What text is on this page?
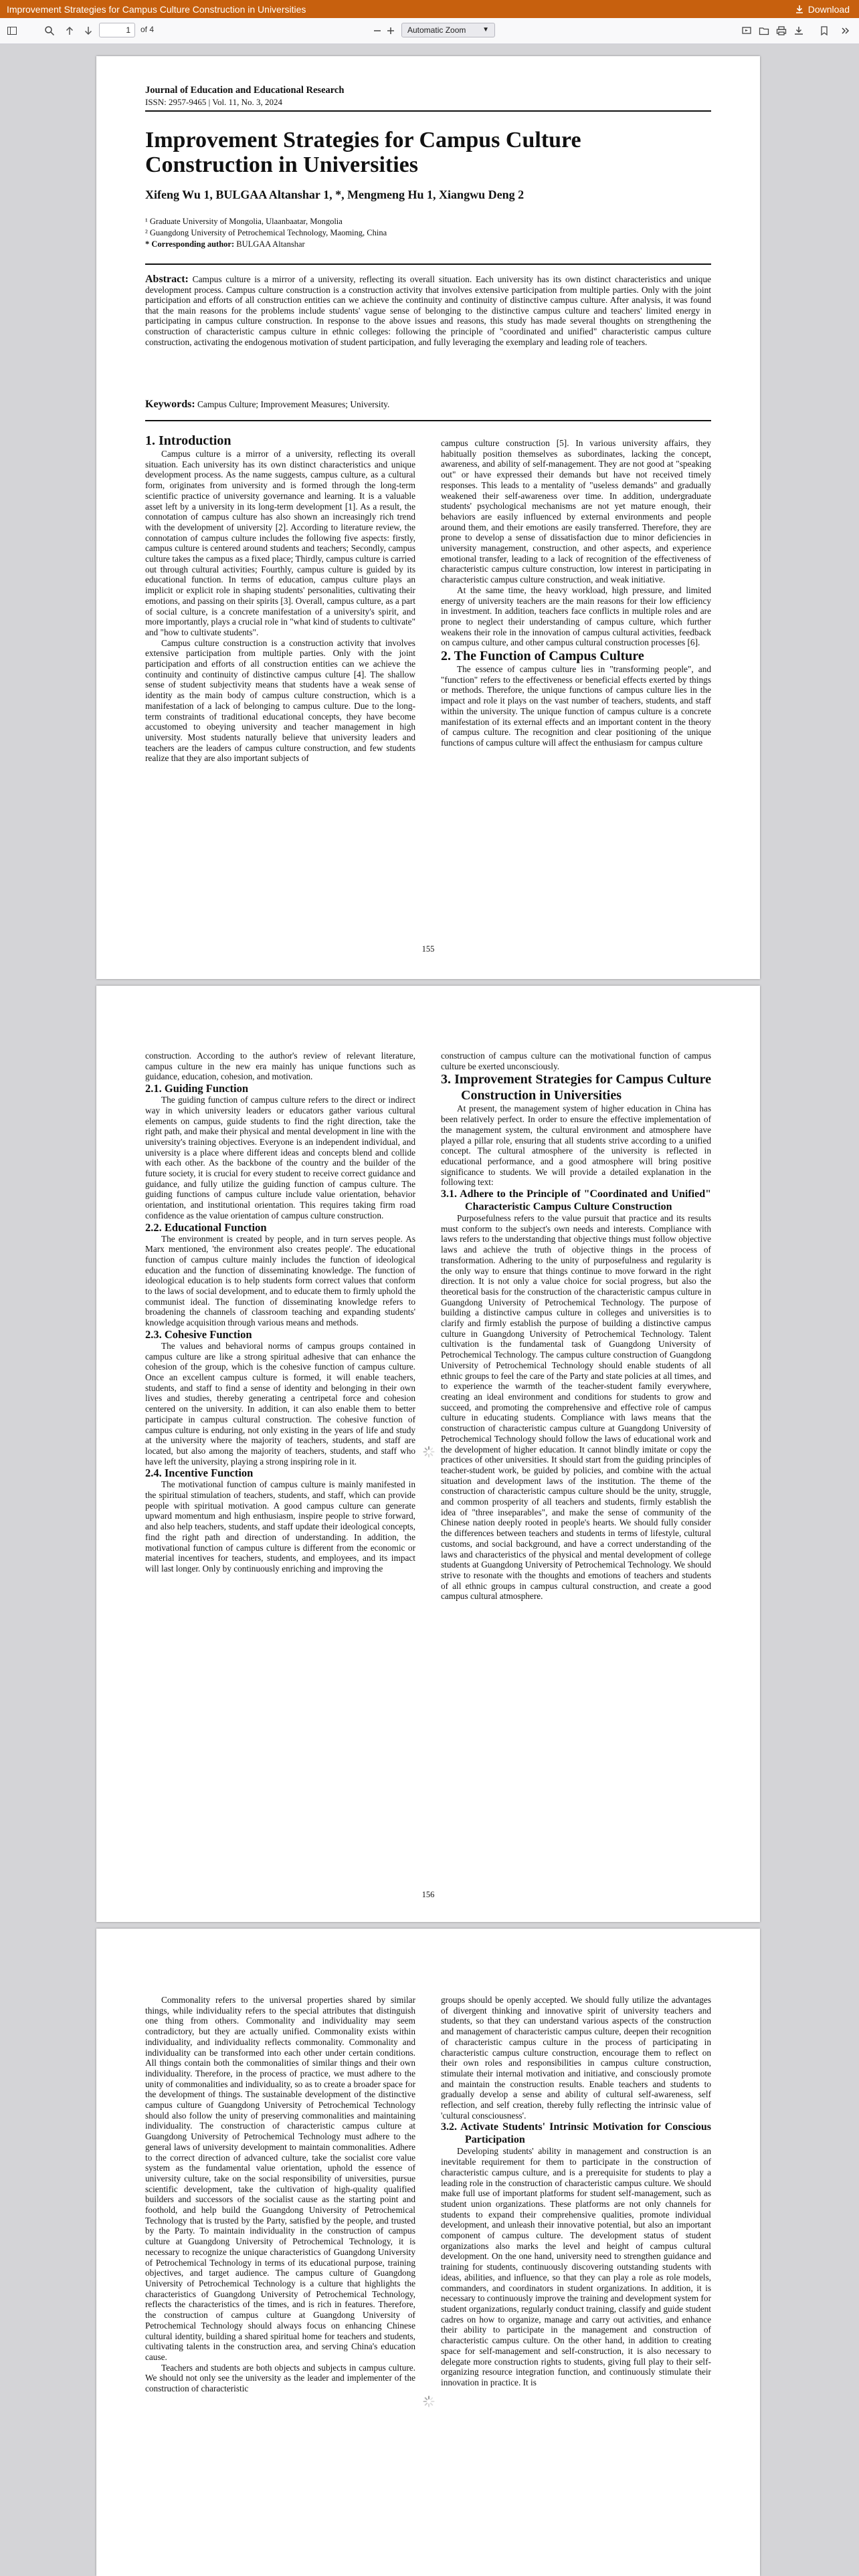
Improvement Strategies for Campus Culture Construction in Universities	Download
1	of 4	Automatic Zoom ▼
Journal of Education and Educational Research
ISSN: 2957-9465 | Vol. 11, No. 3, 2024
Improvement Strategies for Campus Culture Construction in Universities
Xifeng Wu 1, BULGAA Altanshar 1, *, Mengmeng Hu 1, Xiangwu Deng 2
¹ Graduate University of Mongolia, Ulaanbaatar, Mongolia
² Guangdong University of Petrochemical Technology, Maoming, China
* Corresponding author: BULGAA Altanshar
Abstract: Campus culture is a mirror of a university, reflecting its overall situation. Each university has its own distinct characteristics and unique development process. Campus culture construction is a construction activity that involves extensive participation from multiple parties. Only with the joint participation and efforts of all construction entities can we achieve the continuity and continuity of distinctive campus culture. After analysis, it was found that the main reasons for the problems include students' vague sense of belonging to the distinctive campus culture and teachers' limited energy in participating in campus culture construction. In response to the above issues and reasons, this study has made several thoughts on strengthening the construction of characteristic campus culture in ethnic colleges: following the principle of "coordinated and unified" characteristic campus culture construction, activating the endogenous motivation of student participation, and fully leveraging the exemplary and leading role of teachers.
Keywords: Campus Culture; Improvement Measures; University.

1. Introduction

Campus culture is a mirror of a university, reflecting its overall situation. Each university has its own distinct characteristics and unique development process. As the name suggests, campus culture, as a cultural form, originates from university and is formed through the long-term scientific practice of university governance and learning. It is a valuable asset left by a university in its long-term development [1]. As a result, the connotation of campus culture has also shown an increasingly rich trend with the development of university [2]. According to literature review, the connotation of campus culture includes the following five aspects: firstly, campus culture is centered around students and teachers; Secondly, campus culture takes the campus as a fixed place; Thirdly, campus culture is carried out through cultural activities; Fourthly, campus culture is guided by its educational function. In terms of education, campus culture plays an implicit or explicit role in shaping students' personalities, cultivating their emotions, and passing on their spirits [3]. Overall, campus culture, as a part of social culture, is a concrete manifestation of a university's spirit, and more importantly, plays a crucial role in "what kind of students to cultivate" and "how to cultivate students".

Campus culture construction is a construction activity that involves extensive participation from multiple parties. Only with the joint participation and efforts of all construction entities can we achieve the continuity and continuity of distinctive campus culture [4]. The shallow sense of student subjectivity means that students have a weak sense of identity as the main body of campus culture construction, which is a manifestation of a lack of belonging to campus culture. Due to the long-term constraints of traditional educational concepts, they have become accustomed to obeying university and teacher management in high university. Most students naturally believe that university leaders and teachers are the leaders of campus culture construction, and few students realize that they are also important subjects of

campus culture construction [5]. In various university affairs, they habitually position themselves as subordinates, lacking the concept, awareness, and ability of self-management. They are not good at "speaking out" or have expressed their demands but have not received timely responses. This leads to a mentality of "useless demands" and gradually weakened their self-awareness over time. In addition, undergraduate students' psychological mechanisms are not yet mature enough, their behaviors are easily influenced by external environments and people around them, and their emotions are easily transferred. Therefore, they are prone to develop a sense of dissatisfaction due to minor deficiencies in university management, construction, and other aspects, and experience emotional transfer, leading to a lack of recognition of the effectiveness of characteristic campus culture construction, low interest in participating in characteristic campus culture construction, and weak initiative.

At the same time, the heavy workload, high pressure, and limited energy of university teachers are the main reasons for their low efficiency in investment. In addition, teachers face conflicts in multiple roles and are prone to neglect their understanding of campus culture, which further weakens their role in the innovation of campus cultural activities, feedback on campus culture, and other campus cultural construction processes [6].

2. The Function of Campus Culture

The essence of campus culture lies in "transforming people", and "function" refers to the effectiveness or beneficial effects exerted by things or methods. Therefore, the unique functions of campus culture lies in the impact and role it plays on the vast number of teachers, students, and staff within the university. The unique function of campus culture is a concrete manifestation of its external effects and an important content in the theory of campus culture. The recognition and clear positioning of the unique functions of campus culture will affect the enthusiasm for campus culture

155

construction. According to the author's review of relevant literature, campus culture in the new era mainly has unique functions such as guidance, education, cohesion, and motivation.

2.1. Guiding Function

The guiding function of campus culture refers to the direct or indirect way in which university leaders or educators gather various cultural elements on campus, guide students to find the right direction, take the right path, and make their physical and mental development in line with the university's training objectives. Everyone is an independent individual, and university is a place where different ideas and concepts blend and collide with each other. As the backbone of the country and the builder of the future society, it is crucial for every student to receive correct guidance and guidance, and fully utilize the guiding function of campus culture. The guiding functions of campus culture include value orientation, behavior orientation, and institutional orientation. This requires taking firm road confidence as the value orientation of campus culture construction.

2.2. Educational Function

The environment is created by people, and in turn serves people. As Marx mentioned, 'the environment also creates people'. The educational function of campus culture mainly includes the function of ideological education and the function of disseminating knowledge. The function of ideological education is to help students form correct values that conform to the laws of social development, and to educate them to firmly uphold the communist ideal. The function of disseminating knowledge refers to broadening the channels of classroom teaching and expanding students' knowledge acquisition through various means and methods.

2.3. Cohesive Function

The values and behavioral norms of campus groups contained in campus culture are like a strong spiritual adhesive that can enhance the cohesion of the group, which is the cohesive function of campus culture. Once an excellent campus culture is formed, it will enable teachers, students, and staff to find a sense of identity and belonging in their own lives and studies, thereby generating a centripetal force and cohesion centered on the university. In addition, it can also enable them to better participate in campus cultural construction. The cohesive function of campus culture is enduring, not only existing in the years of life and study at the university where the majority of teachers, students, and staff are located, but also among the majority of teachers, students, and staff who have left the university, playing a strong inspiring role in it.

2.4. Incentive Function

The motivational function of campus culture is mainly manifested in the spiritual stimulation of teachers, students, and staff, which can provide people with spiritual motivation. A good campus culture can generate upward momentum and high enthusiasm, inspire people to strive forward, and also help teachers, students, and staff update their ideological concepts, find the right path and direction of understanding. In addition, the motivational function of campus culture is different from the economic or material incentives for teachers, students, and employees, and its impact will last longer. Only by continuously enriching and improving the

construction of campus culture can the motivational function of campus culture be exerted unconsciously.

3. Improvement Strategies for Campus Culture Construction in Universities

At present, the management system of higher education in China has been relatively perfect. In order to ensure the effective implementation of the management system, the cultural environment and atmosphere have played a pillar role, ensuring that all students strive according to a unified concept. The cultural atmosphere of the university is reflected in educational performance, and a good atmosphere will bring positive significance to students. We will provide a detailed explanation in the following text:

3.1. Adhere to the Principle of "Coordinated and Unified" Characteristic Campus Culture Construction

Purposefulness refers to the value pursuit that practice and its results must conform to the subject's own needs and interests. Compliance with laws refers to the understanding that objective things must follow objective laws and achieve the truth of objective things in the process of transformation. Adhering to the unity of purposefulness and regularity is the only way to ensure that things continue to move forward in the right direction. It is not only a value choice for social progress, but also the theoretical basis for the construction of the characteristic campus culture in Guangdong University of Petrochemical Technology. The purpose of building a distinctive campus culture in colleges and universities is to clarify and firmly establish the purpose of building a distinctive campus culture in Guangdong University of Petrochemical Technology. Talent cultivation is the fundamental task of Guangdong University of Petrochemical Technology. The campus culture construction of Guangdong University of Petrochemical Technology should enable students of all ethnic groups to feel the care of the Party and state policies at all times, and to experience the warmth of the teacher-student family everywhere, creating an ideal environment and conditions for students to grow and succeed, and promoting the comprehensive and effective role of campus culture in educating students. Compliance with laws means that the construction of characteristic campus culture at Guangdong University of Petrochemical Technology should follow the laws of educational work and the development of higher education. It cannot blindly imitate or copy the practices of other universities. It should start from the guiding principles of teacher-student work, be guided by policies, and combine with the actual situation and development laws of the institution. The theme of the construction of characteristic campus culture should be the unity, struggle, and common prosperity of all teachers and students, firmly establish the idea of "three inseparables", and make the sense of community of the Chinese nation deeply rooted in people's hearts. We should fully consider the differences between teachers and students in terms of lifestyle, cultural customs, and social background, and have a correct understanding of the laws and characteristics of the physical and mental development of college students at Guangdong University of Petrochemical Technology. We should strive to resonate with the thoughts and emotions of teachers and students of all ethnic groups in campus cultural construction, and create a good campus cultural atmosphere.

156

Commonality refers to the universal properties shared by similar things, while individuality refers to the special attributes that distinguish one thing from others. Commonality and individuality may seem contradictory, but they are actually unified. Commonality exists within individuality, and individuality reflects commonality. Commonality and individuality can be transformed into each other under certain conditions. All things contain both the commonalities of similar things and their own individuality. Therefore, in the process of practice, we must adhere to the unity of commonalities and individuality, so as to create a broader space for the development of things. The sustainable development of the distinctive campus culture of Guangdong University of Petrochemical Technology should also follow the unity of preserving commonalities and maintaining individuality. The construction of characteristic campus culture at Guangdong University of Petrochemical Technology must adhere to the general laws of university development to maintain commonalities. Adhere to the correct direction of advanced culture, take the socialist core value system as the fundamental value orientation, uphold the essence of university culture, take on the social responsibility of universities, pursue scientific development, take the cultivation of high-quality qualified builders and successors of the socialist cause as the starting point and foothold, and help build the Guangdong University of Petrochemical Technology that is trusted by the Party, satisfied by the people, and trusted by the Party. To maintain individuality in the construction of campus culture at Guangdong University of Petrochemical Technology, it is necessary to recognize the unique characteristics of Guangdong University of Petrochemical Technology in terms of its educational purpose, training objectives, and target audience. The campus culture of Guangdong University of Petrochemical Technology is a culture that highlights the characteristics of Guangdong University of Petrochemical Technology, reflects the characteristics of the times, and is rich in features. Therefore, the construction of campus culture at Guangdong University of Petrochemical Technology should always focus on enhancing Chinese cultural identity, building a shared spiritual home for teachers and students, cultivating talents in the construction area, and serving China's education cause.

Teachers and students are both objects and subjects in campus culture. We should not only see the university as the leader and implementer of the construction of characteristic

groups should be openly accepted. We should fully utilize the advantages of divergent thinking and innovative spirit of university teachers and students, so that they can understand various aspects of the construction and management of characteristic campus culture, deepen their recognition of characteristic campus culture in the process of participating in characteristic campus culture construction, encourage them to reflect on their own roles and responsibilities in campus culture construction, stimulate their internal motivation and initiative, and consciously promote and maintain the construction results. Enable teachers and students to gradually develop a sense and ability of cultural self-awareness, self reflection, and self creation, thereby fully reflecting the intrinsic value of 'cultural consciousness'.

3.2. Activate Students' Intrinsic Motivation for Conscious Participation

Developing students' ability in management and construction is an inevitable requirement for them to participate in the construction of characteristic campus culture, and is a prerequisite for students to play a leading role in the construction of characteristic campus culture. We should make full use of important platforms for student self-management, such as student union organizations. These platforms are not only channels for students to expand their comprehensive qualities, promote individual development, and unleash their innovative potential, but also an important component of campus culture. The development status of student organizations also marks the level and height of campus cultural development. On the one hand, university need to strengthen guidance and training for students, continuously discovering outstanding students with ideas, abilities, and influence, so that they can play a role as role models, commanders, and coordinators in student organizations. In addition, it is necessary to continuously improve the training and development system for student organizations, regularly conduct training, classify and guide student cadres on how to organize, manage and carry out activities, and enhance their ability to participate in the management and construction of characteristic campus culture. On the other hand, in addition to creating space for self-management and self-construction, it is also necessary to delegate more construction rights to students, giving full play to their self-organizing resource integration function, and continuously stimulate their innovation in practice. It is
